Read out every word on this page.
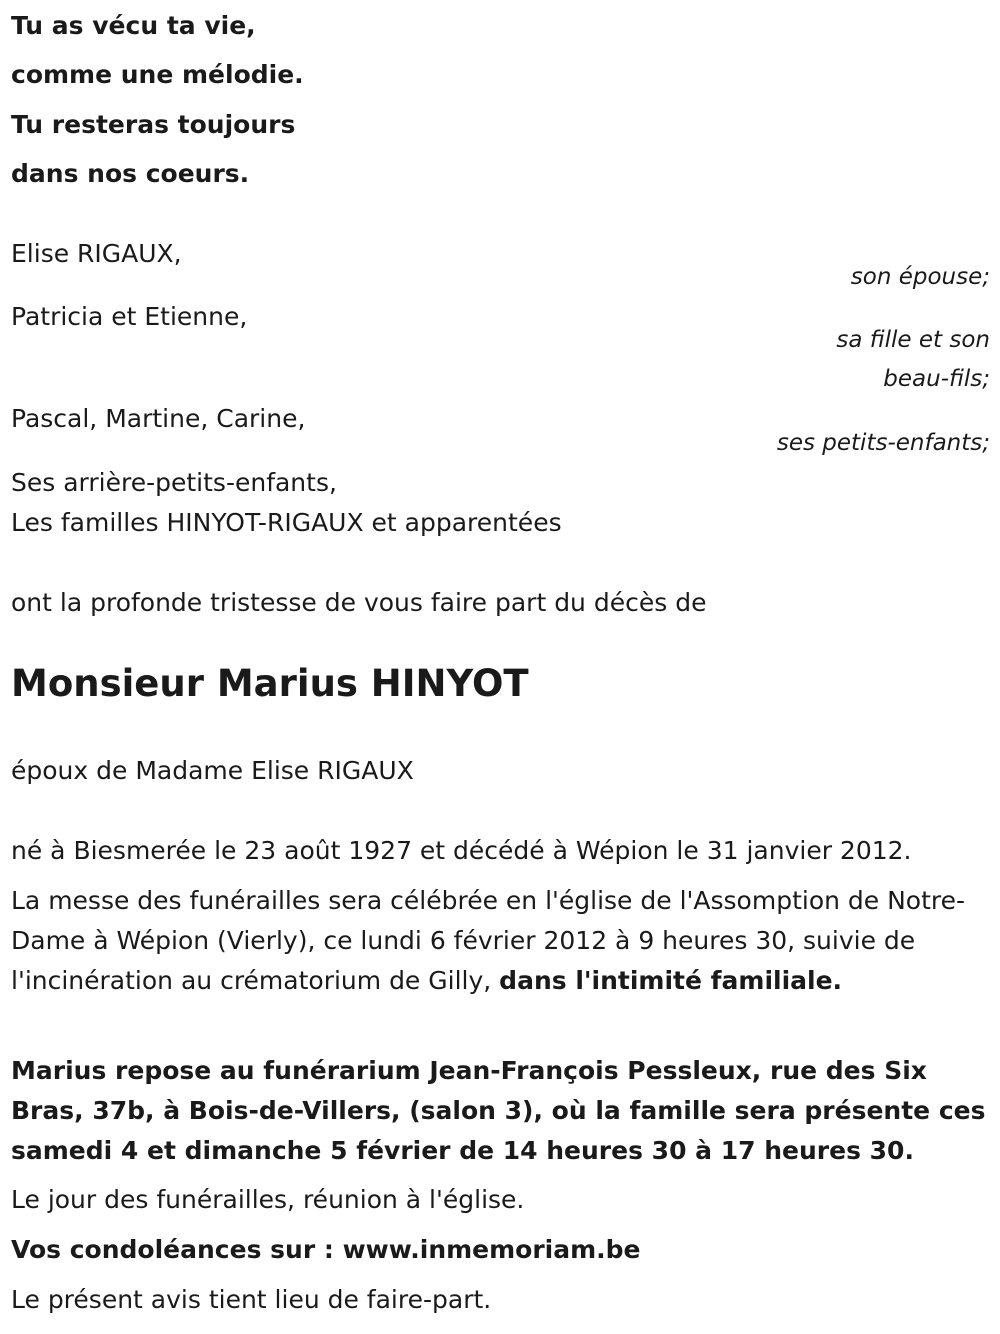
Tu as vécu ta vie,

comme une mélodie.

Tu resteras toujours

dans nos coeurs.

Elise RIGAUX,

son épouse;

Patricia et Etienne,

sa fille et son

beau-fils;

Pascal, Martine, Carine,

ses petits-enfants;

Ses arrière-petits-enfants,

Les familles HINYOT-RIGAUX et apparentées

ont la profonde tristesse de vous faire part du décès de

Monsieur Marius HINYOT

époux de Madame Elise RIGAUX

né à Biesmerée le 23 août 1927 et décédé à Wépion le 31 janvier 2012.

La messe des funérailles sera célébrée en l'église de l'Assomption de Notre-Dame à Wépion (Vierly), ce lundi 6 février 2012 à 9 heures 30, suivie de l'incinération au crématorium de Gilly, dans l'intimité familiale.

Marius repose au funérarium Jean-François Pessleux, rue des Six Bras, 37b, à Bois-de-Villers, (salon 3), où la famille sera présente ces samedi 4 et dimanche 5 février de 14 heures 30 à 17 heures 30.

Le jour des funérailles, réunion à l'église.

Vos condoléances sur : www.inmemoriam.be

Le présent avis tient lieu de faire-part.
